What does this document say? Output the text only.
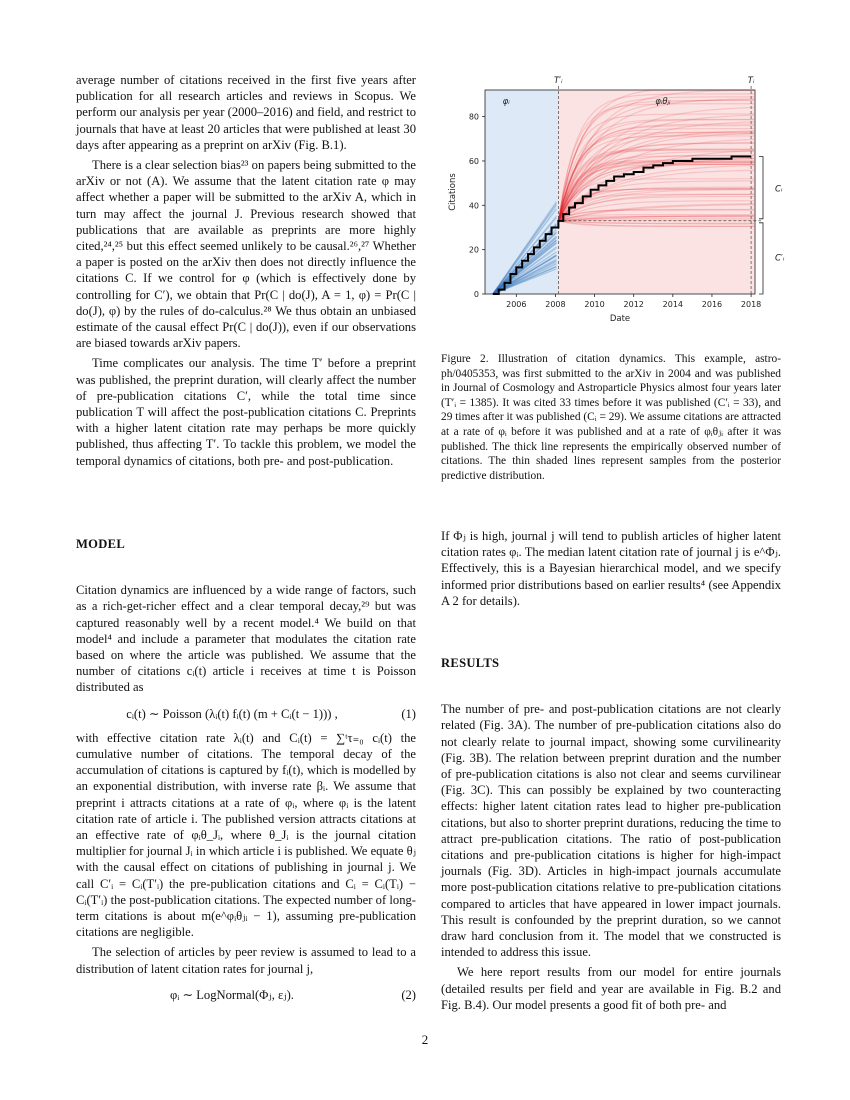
average number of citations received in the first five years after publication for all research articles and reviews in Scopus. We perform our analysis per year (2000–2016) and field, and restrict to journals that have at least 20 articles that were published at least 30 days after appearing as a preprint on arXiv (Fig. B.1).

There is a clear selection bias²³ on papers being submitted to the arXiv or not (A). We assume that the latent citation rate φ may affect whether a paper will be submitted to the arXiv A, which in turn may affect the journal J. Previous research showed that publications that are available as preprints are more highly cited,²⁴,²⁵ but this effect seemed unlikely to be causal.²⁶,²⁷ Whether a paper is posted on the arXiv then does not directly influence the citations C. If we control for φ (which is effectively done by controlling for C′), we obtain that Pr(C | do(J), A = 1, φ) = Pr(C | do(J), φ) by the rules of do-calculus.²⁸ We thus obtain an unbiased estimate of the causal effect Pr(C | do(J)), even if our observations are biased towards arXiv papers.

Time complicates our analysis. The time T′ before a preprint was published, the preprint duration, will clearly affect the number of pre-publication citations C′, while the total time since publication T will affect the post-publication citations C. Preprints with a higher latent citation rate may perhaps be more quickly published, thus affecting T′. To tackle this problem, we model the temporal dynamics of citations, both pre- and post-publication.

MODEL

Citation dynamics are influenced by a wide range of factors, such as a rich-get-richer effect and a clear temporal decay,²⁹ but was captured reasonably well by a recent model.⁴ We build on that model⁴ and include a parameter that modulates the citation rate based on where the article was published. We assume that the number of citations cᵢ(t) article i receives at time t is Poisson distributed as

cᵢ(t) ∼ Poisson (λᵢ(t) fᵢ(t) (m + Cᵢ(t − 1))) ,	(1)

with effective citation rate λᵢ(t) and Cᵢ(t) = ∑ᵗτ₌₀ cᵢ(t) the cumulative number of citations. The temporal decay of the accumulation of citations is captured by fᵢ(t), which is modelled by an exponential distribution, with inverse rate βᵢ. We assume that preprint i attracts citations at a rate of φᵢ, where φᵢ is the latent citation rate of article i. The published version attracts citations at an effective rate of φᵢθ_Jᵢ, where θ_Jᵢ is the journal citation multiplier for journal Jᵢ in which article i is published. We equate θⱼ with the causal effect on citations of publishing in journal j. We call C′ᵢ = Cᵢ(T′ᵢ) the pre-publication citations and Cᵢ = Cᵢ(Tᵢ) − Cᵢ(T′ᵢ) the post-publication citations. The expected number of long-term citations is about m(e^φᵢθⱼᵢ − 1), assuming pre-publication citations are negligible.

The selection of articles by peer review is assumed to lead to a distribution of latent citation rates for journal j,

φᵢ ∼ LogNormal(Φⱼ, εⱼ).	(2)

2006 2008 2010 2012 2014 2016 2018
0
20
40
60
80
Date
Citations
φᵢ	φᵢθⱼᵢ
T′ᵢ	Tᵢ
Cᵢ
C′ᵢ

Figure 2. Illustration of citation dynamics. This example, astro-ph/0405353, was first submitted to the arXiv in 2004 and was published in Journal of Cosmology and Astroparticle Physics almost four years later (T′ᵢ = 1385). It was cited 33 times before it was published (C′ᵢ = 33), and 29 times after it was published (Cᵢ = 29). We assume citations are attracted at a rate of φᵢ before it was published and at a rate of φᵢθⱼᵢ after it was published. The thick line represents the empirically observed number of citations. The thin shaded lines represent samples from the posterior predictive distribution.

If Φⱼ is high, journal j will tend to publish articles of higher latent citation rates φᵢ. The median latent citation rate of journal j is e^Φⱼ. Effectively, this is a Bayesian hierarchical model, and we specify informed prior distributions based on earlier results⁴ (see Appendix A 2 for details).

RESULTS

The number of pre- and post-publication citations are not clearly related (Fig. 3A). The number of pre-publication citations also do not clearly relate to journal impact, showing some curvilinearity (Fig. 3B). The relation between preprint duration and the number of pre-publication citations is also not clear and seems curvilinear (Fig. 3C). This can possibly be explained by two counteracting effects: higher latent citation rates lead to higher pre-publication citations, but also to shorter preprint durations, reducing the time to attract pre-publication citations. The ratio of post-publication citations and pre-publication citations is higher for high-impact journals (Fig. 3D). Articles in high-impact journals accumulate more post-publication citations relative to pre-publication citations compared to articles that have appeared in lower impact journals. This result is confounded by the preprint duration, so we cannot draw hard conclusion from it. The model that we constructed is intended to address this issue.

We here report results from our model for entire journals (detailed results per field and year are available in Fig. B.2 and Fig. B.4). Our model presents a good fit of both pre- and

2
